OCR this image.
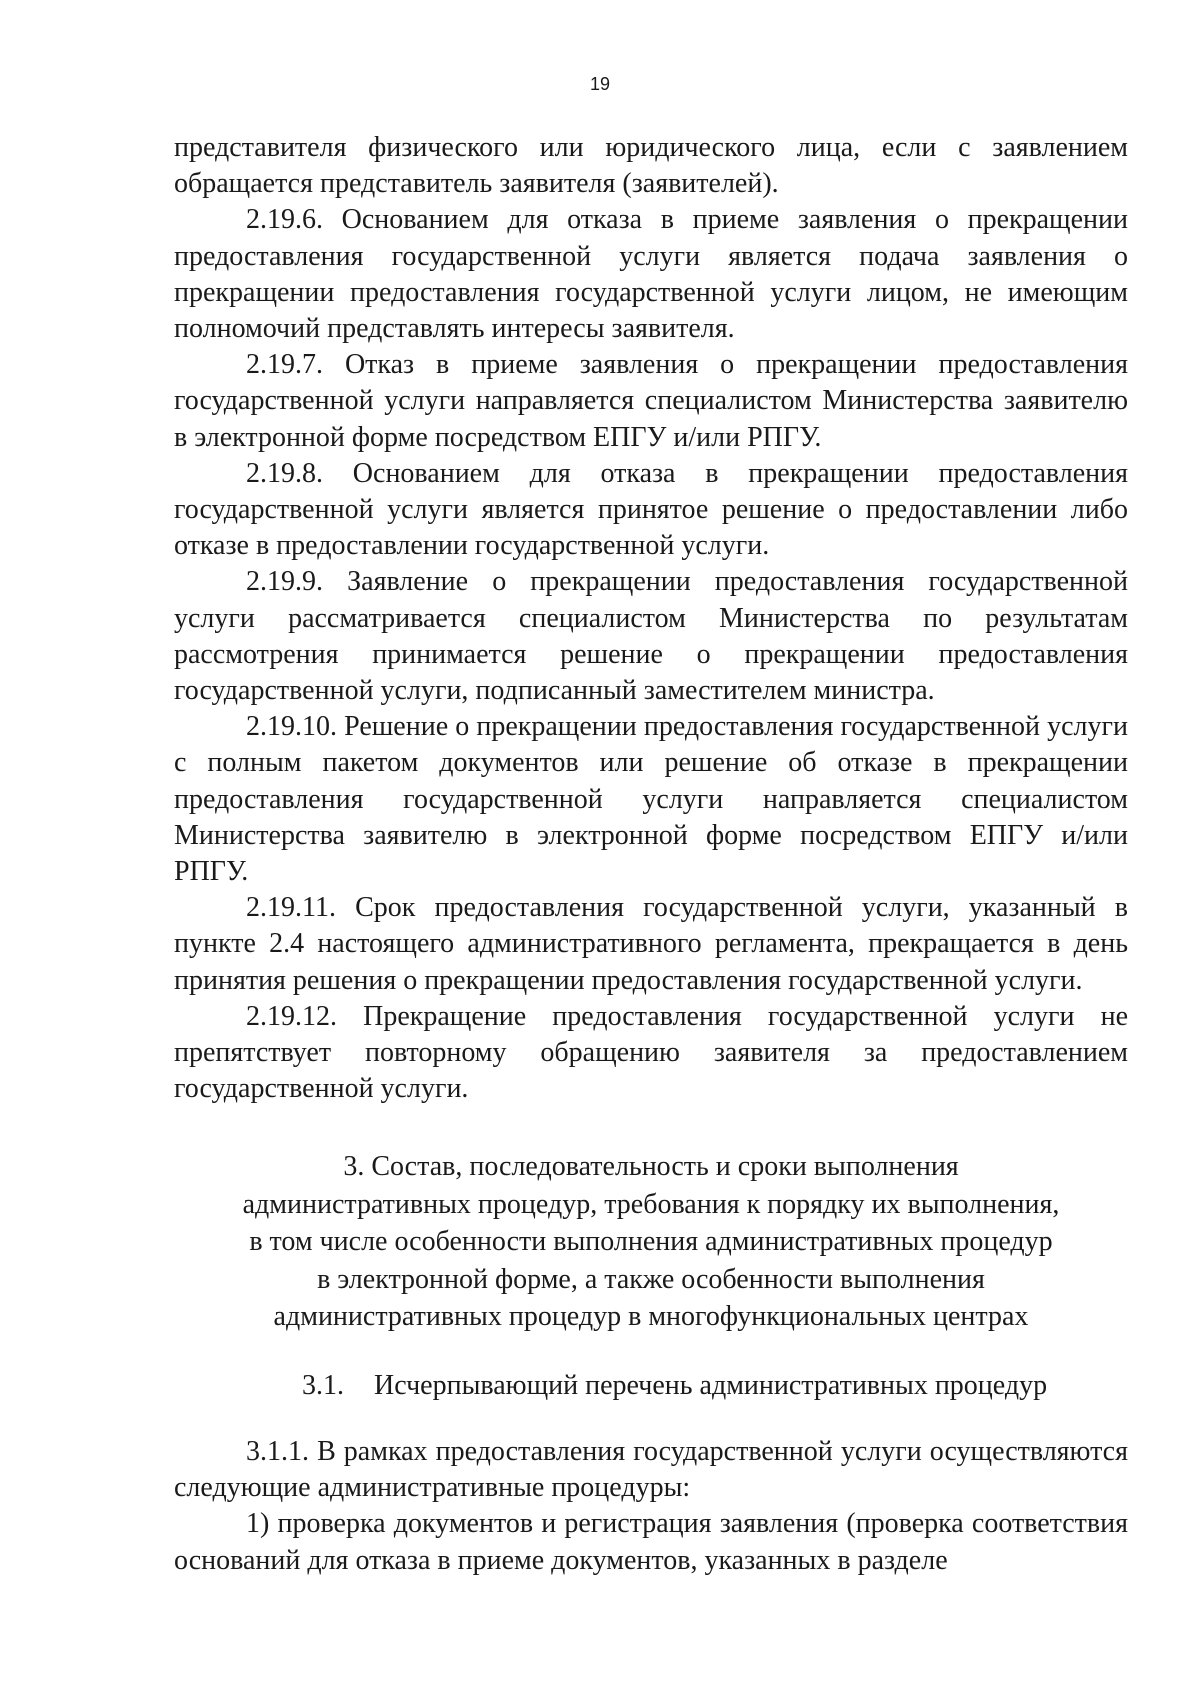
19

представителя физического или юридического лица, если с заявлением обращается представитель заявителя (заявителей).

2.19.6. Основанием для отказа в приеме заявления о прекращении предоставления государственной услуги является подача заявления о прекращении предоставления государственной услуги лицом, не имеющим полномочий представлять интересы заявителя.

2.19.7. Отказ в приеме заявления о прекращении предоставления государственной услуги направляется специалистом Министерства заявителю в электронной форме посредством ЕПГУ и/или РПГУ.

2.19.8. Основанием для отказа в прекращении предоставления государственной услуги является принятое решение о предоставлении либо отказе в предоставлении государственной услуги.

2.19.9. Заявление о прекращении предоставления государственной услуги рассматривается специалистом Министерства по результатам рассмотрения принимается решение о прекращении предоставления государственной услуги, подписанный заместителем министра.

2.19.10. Решение о прекращении предоставления государственной услуги с полным пакетом документов или решение об отказе в прекращении предоставления государственной услуги направляется специалистом Министерства заявителю в электронной форме посредством ЕПГУ и/или РПГУ.

2.19.11. Срок предоставления государственной услуги, указанный в пункте 2.4 настоящего административного регламента, прекращается в день принятия решения о прекращении предоставления государственной услуги.

2.19.12. Прекращение предоставления государственной услуги не препятствует повторному обращению заявителя за предоставлением государственной услуги.

3. Состав, последовательность и сроки выполнения
административных процедур, требования к порядку их выполнения,
в том числе особенности выполнения административных процедур
в электронной форме, а также особенности выполнения
административных процедур в многофункциональных центрах
3.1. Исчерпывающий перечень административных процедур

3.1.1. В рамках предоставления государственной услуги осуществляются следующие административные процедуры:

1) проверка документов и регистрация заявления (проверка соответствия оснований для отказа в приеме документов, указанных в разделе
